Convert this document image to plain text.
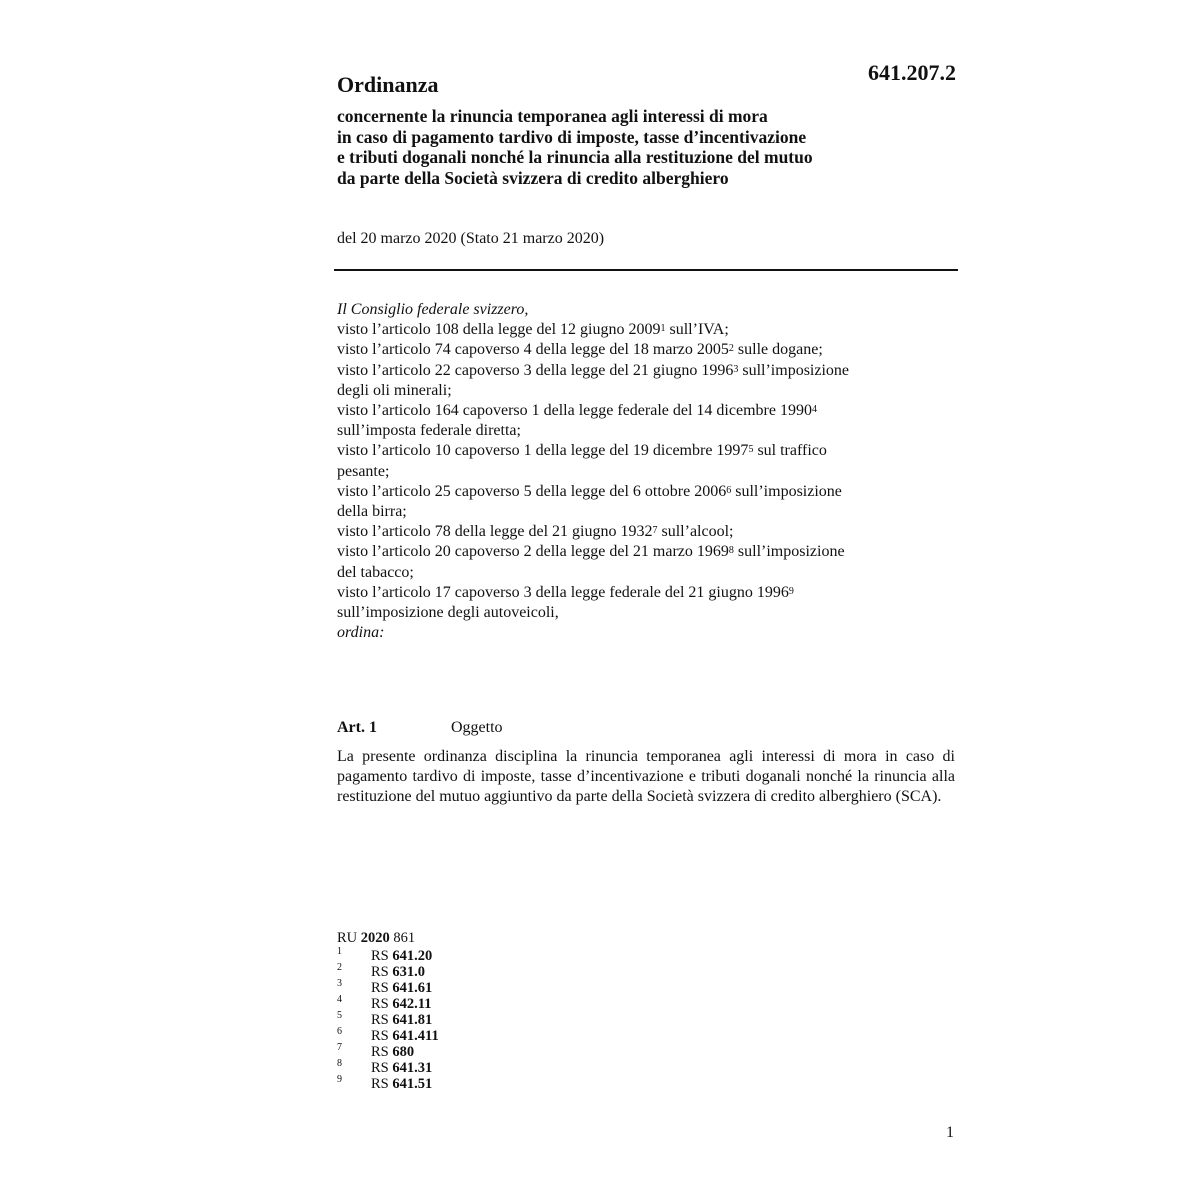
641.207.2
Ordinanza
concernente la rinuncia temporanea agli interessi di mora
in caso di pagamento tardivo di imposte, tasse d’incentivazione
e tributi doganali nonché la rinuncia alla restituzione del mutuo
da parte della Società svizzera di credito alberghiero
del 20 marzo 2020 (Stato 21 marzo 2020)
Il Consiglio federale svizzero,
visto l’articolo 108 della legge del 12 giugno 2009$^1$ sull’IVA;
visto l’articolo 74 capoverso 4 della legge del 18 marzo 2005$^2$ sulle dogane;
visto l’articolo 22 capoverso 3 della legge del 21 giugno 1996$^3$ sull’imposizione
degli oli minerali;
visto l’articolo 164 capoverso 1 della legge federale del 14 dicembre 1990$^4$
sull’imposta federale diretta;
visto l’articolo 10 capoverso 1 della legge del 19 dicembre 1997$^5$ sul traffico
pesante;
visto l’articolo 25 capoverso 5 della legge del 6 ottobre 2006$^6$ sull’imposizione
della birra;
visto l’articolo 78 della legge del 21 giugno 1932$^7$ sull’alcool;
visto l’articolo 20 capoverso 2 della legge del 21 marzo 1969$^8$ sull’imposizione
del tabacco;
visto l’articolo 17 capoverso 3 della legge federale del 21 giugno 1996$^9$
sull’imposizione degli autoveicoli,
ordina:
Art. 1	Oggetto
La presente ordinanza disciplina la rinuncia temporanea agli interessi di mora in caso di pagamento tardivo di imposte, tasse d’incentivazione e tributi doganali nonché la rinuncia alla restituzione del mutuo aggiuntivo da parte della Società svizzera di credito alberghiero (SCA).
RU 2020 861
1 RS 641.20
2 RS 631.0
3 RS 641.61
4 RS 642.11
5 RS 641.81
6 RS 641.411
7 RS 680
8 RS 641.31
9 RS 641.51
1
